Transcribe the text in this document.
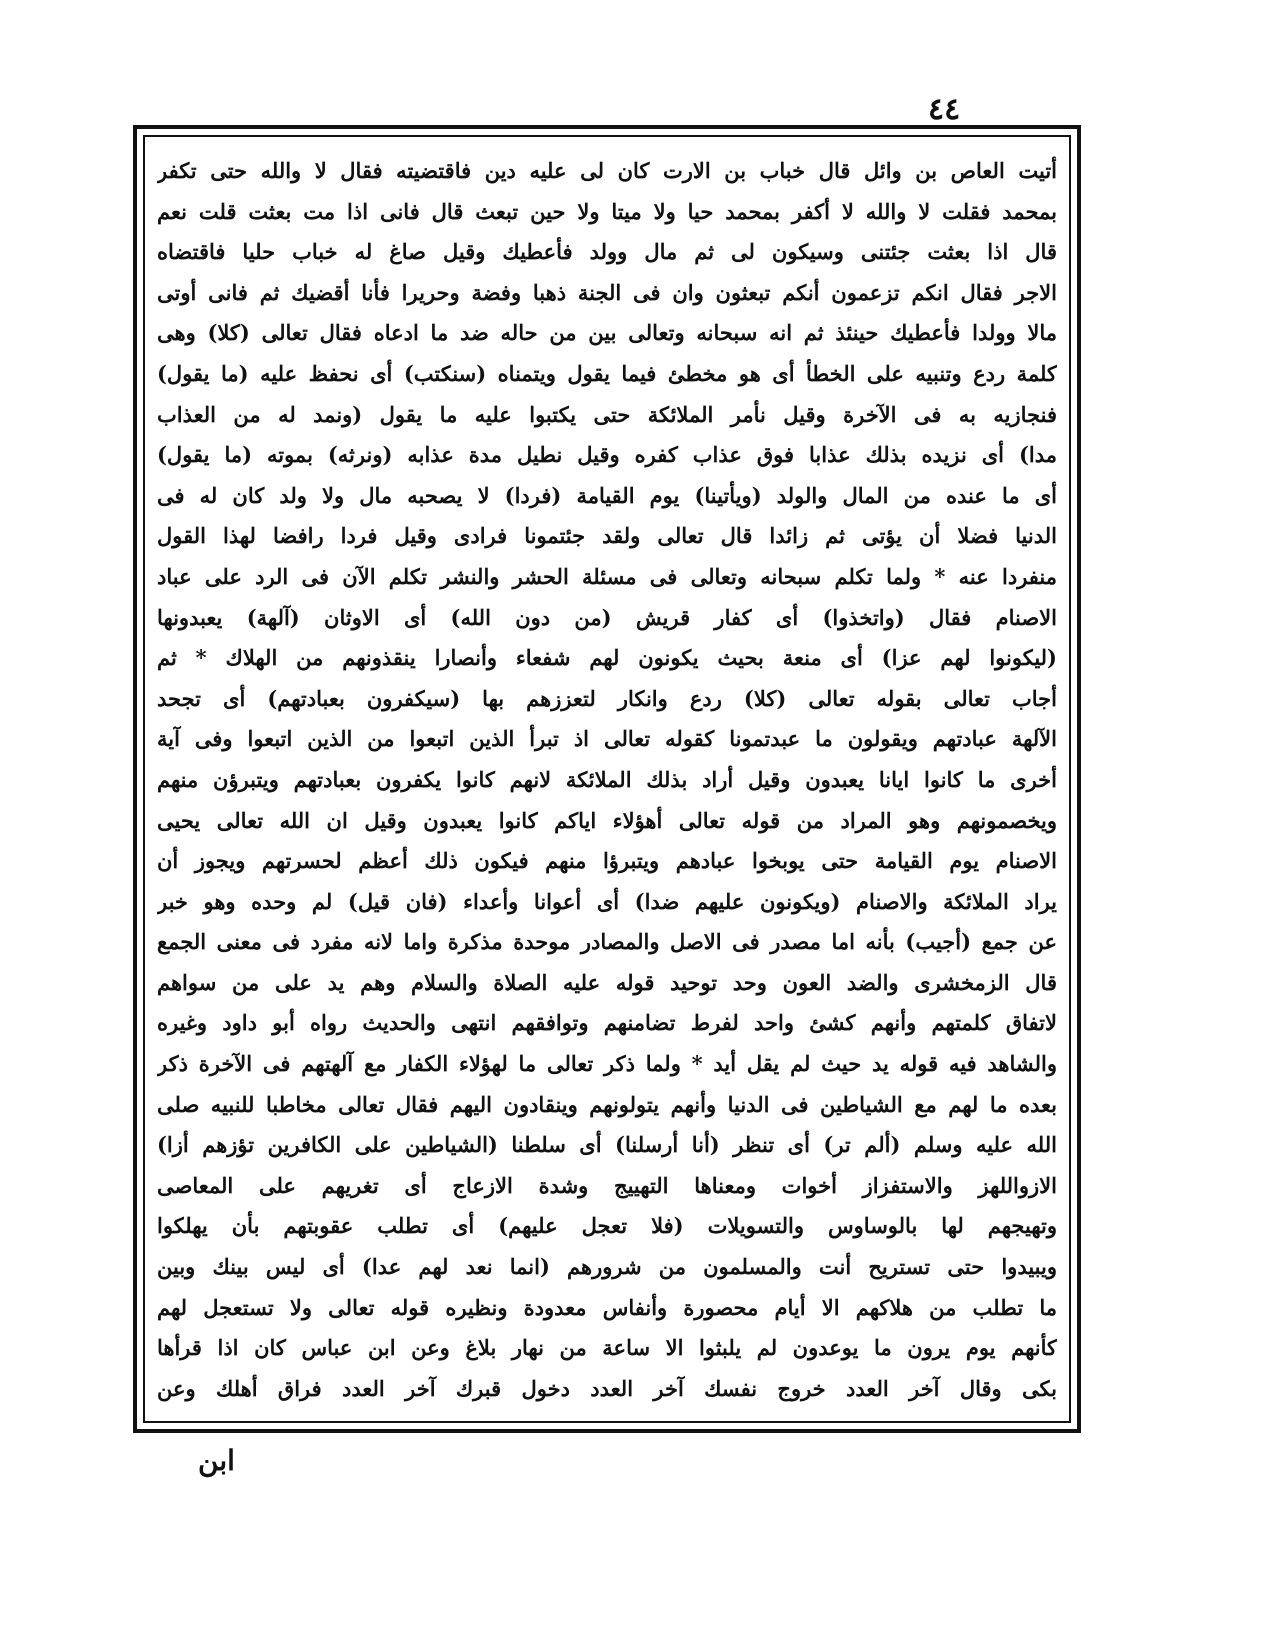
٤٤
أتيت العاص بن وائل قال خباب بن الارت كان لى عليه دين فاقتضيته فقال لا والله حتى تكفر
بمحمد فقلت لا والله لا أكفر بمحمد حيا ولا ميتا ولا حين تبعث قال فانى اذا مت بعثت قلت نعم
قال اذا بعثت جئتنى وسيكون لى ثم مال وولد فأعطيك وقيل صاغ له خباب حليا فاقتضاه
الاجر فقال انكم تزعمون أنكم تبعثون وان فى الجنة ذهبا وفضة وحريرا فأنا أقضيك ثم فانى أوتى
مالا وولدا فأعطيك حينئذ ثم انه سبحانه وتعالى بين من حاله ضد ما ادعاه فقال تعالى (كلا) وهى
كلمة ردع وتنبيه على الخطأ أى هو مخطئ فيما يقول ويتمناه (سنكتب) أى نحفظ عليه (ما يقول)
فنجازيه به فى الآخرة وقيل نأمر الملائكة حتى يكتبوا عليه ما يقول (ونمد له من العذاب
مدا) أى نزيده بذلك عذابا فوق عذاب كفره وقيل نطيل مدة عذابه (ونرثه) بموته (ما يقول)
أى ما عنده من المال والولد (ويأتينا) يوم القيامة (فردا) لا يصحبه مال ولا ولد كان له فى
الدنيا فضلا أن يؤتى ثم زائدا قال تعالى ولقد جئتمونا فرادى وقيل فردا رافضا لهذا القول
منفردا عنه * ولما تكلم سبحانه وتعالى فى مسئلة الحشر والنشر تكلم الآن فى الرد على عباد
الاصنام فقال (واتخذوا) أى كفار قريش (من دون الله) أى الاوثان (آلهة) يعبدونها
(ليكونوا لهم عزا) أى منعة بحيث يكونون لهم شفعاء وأنصارا ينقذونهم من الهلاك * ثم
أجاب تعالى بقوله تعالى (كلا) ردع وانكار لتعززهم بها (سيكفرون بعبادتهم) أى تجحد
الآلهة عبادتهم ويقولون ما عبدتمونا كقوله تعالى اذ تبرأ الذين اتبعوا من الذين اتبعوا وفى آية
أخرى ما كانوا ايانا يعبدون وقيل أراد بذلك الملائكة لانهم كانوا يكفرون بعبادتهم ويتبرؤن منهم
ويخصمونهم وهو المراد من قوله تعالى أهؤلاء اياكم كانوا يعبدون وقيل ان الله تعالى يحيى
الاصنام يوم القيامة حتى يوبخوا عبادهم ويتبرؤا منهم فيكون ذلك أعظم لحسرتهم ويجوز أن
يراد الملائكة والاصنام (ويكونون عليهم ضدا) أى أعوانا وأعداء (فان قيل) لم وحده وهو خبر
عن جمع (أجيب) بأنه اما مصدر فى الاصل والمصادر موحدة مذكرة واما لانه مفرد فى معنى الجمع
قال الزمخشرى والضد العون وحد توحيد قوله عليه الصلاة والسلام وهم يد على من سواهم
لاتفاق كلمتهم وأنهم كشئ واحد لفرط تضامنهم وتوافقهم انتهى والحديث رواه أبو داود وغيره
والشاهد فيه قوله يد حيث لم يقل أيد * ولما ذكر تعالى ما لهؤلاء الكفار مع آلهتهم فى الآخرة ذكر
بعده ما لهم مع الشياطين فى الدنيا وأنهم يتولونهم وينقادون اليهم فقال تعالى مخاطبا للنبيه صلى
الله عليه وسلم (ألم تر) أى تنظر (أنا أرسلنا) أى سلطنا (الشياطين على الكافرين تؤزهم أزا)
الازواللهز والاستفزاز أخوات ومعناها التهييج وشدة الازعاج أى تغريهم على المعاصى
وتهيجهم لها بالوساوس والتسويلات (فلا تعجل عليهم) أى تطلب عقوبتهم بأن يهلكوا
ويبيدوا حتى تستريح أنت والمسلمون من شرورهم (انما نعد لهم عدا) أى ليس بينك وبين
ما تطلب من هلاكهم الا أيام محصورة وأنفاس معدودة ونظيره قوله تعالى ولا تستعجل لهم
كأنهم يوم يرون ما يوعدون لم يلبثوا الا ساعة من نهار بلاغ وعن ابن عباس كان اذا قرأها
بكى وقال آخر العدد خروج نفسك آخر العدد دخول قبرك آخر العدد فراق أهلك وعن
ابن
